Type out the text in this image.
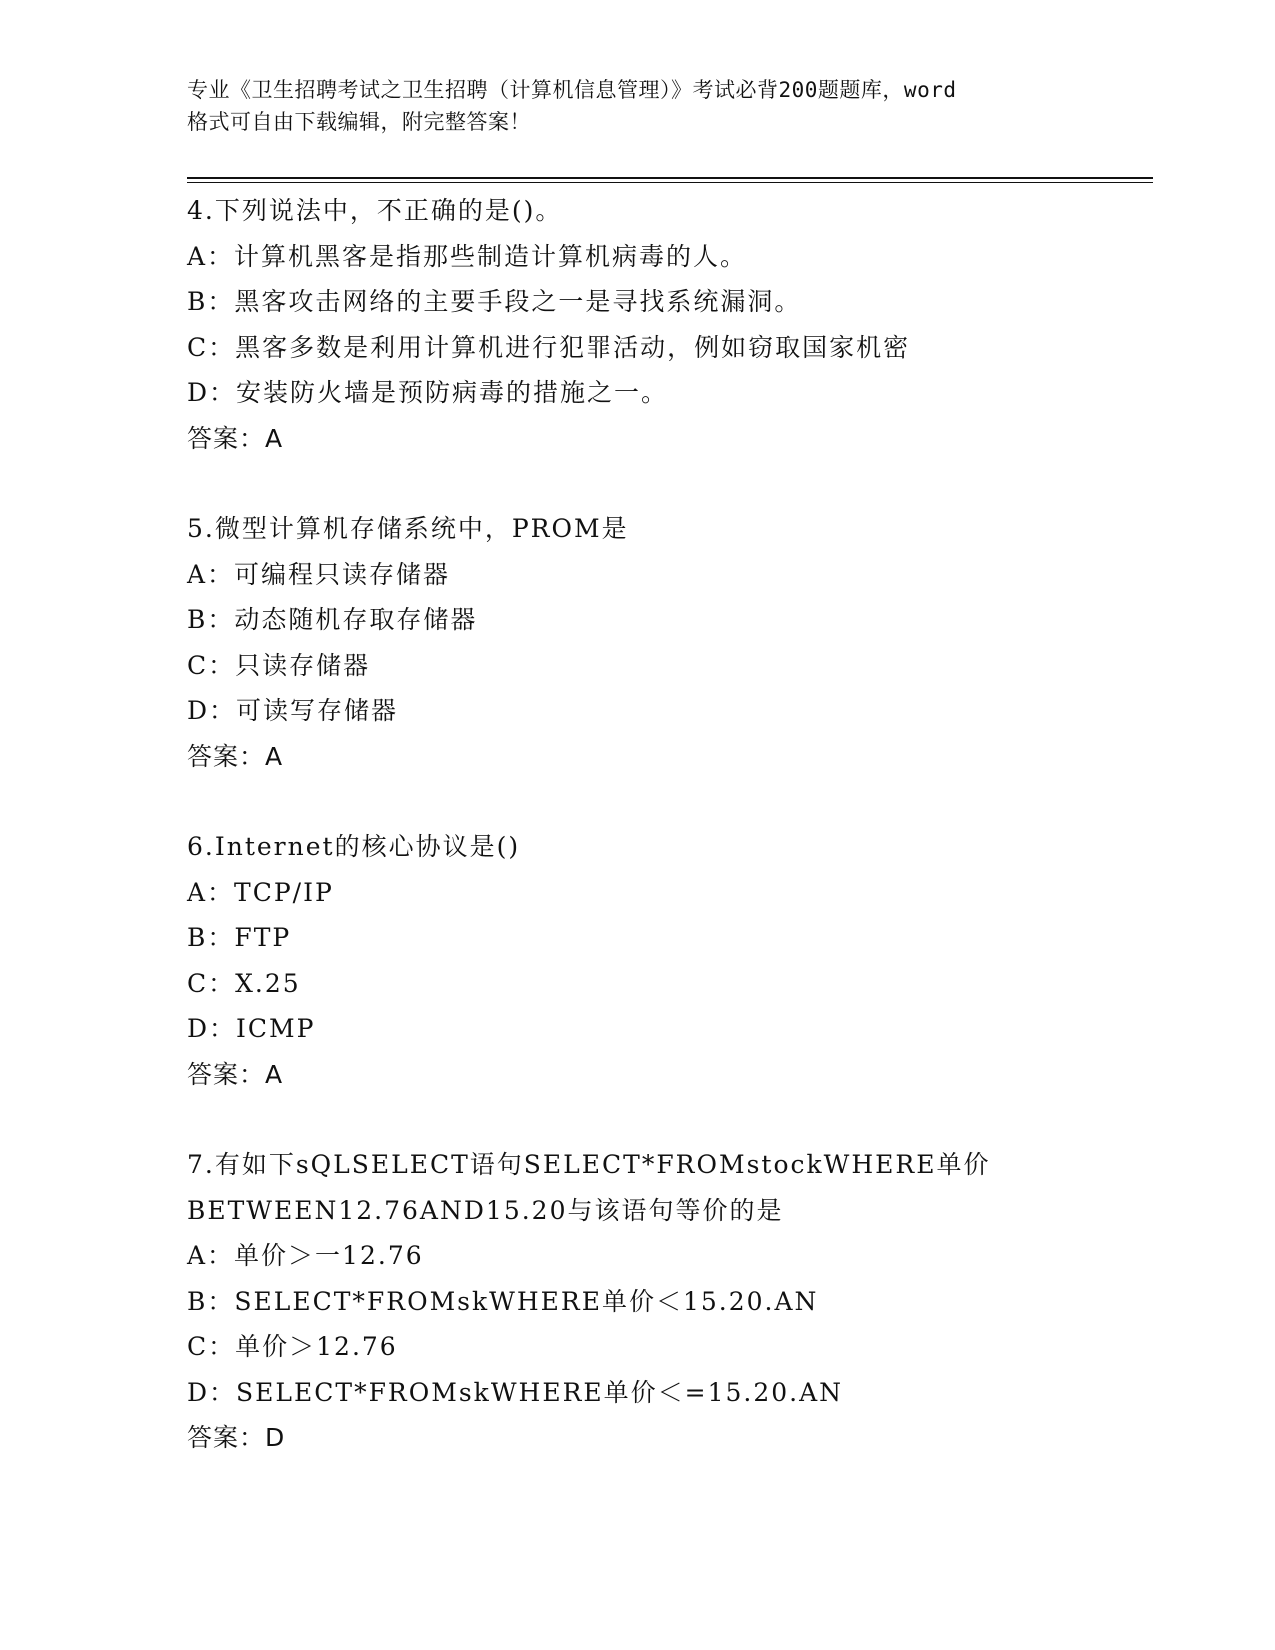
专业《卫生招聘考试之卫生招聘（计算机信息管理）》考试必背200题题库，word
格式可自由下载编辑，附完整答案！
4.下列说法中，不正确的是()。
A：计算机黑客是指那些制造计算机病毒的人。
B：黑客攻击网络的主要手段之一是寻找系统漏洞。
C：黑客多数是利用计算机进行犯罪活动，例如窃取国家机密
D：安装防火墙是预防病毒的措施之一。
答案：A
5.微型计算机存储系统中，PROM是
A：可编程只读存储器
B：动态随机存取存储器
C：只读存储器
D：可读写存储器
答案：A
6.Internet的核心协议是()
A：TCP/IP
B：FTP
C：X.25
D：ICMP
答案：A
7.有如下sQLSELECT语句SELECT*FROMstockWHERE单价
BETWEEN12.76AND15.20与该语句等价的是
A：单价＞一12.76
B：SELECT*FROMskWHERE单价＜15.20.AN
C：单价＞12.76
D：SELECT*FROMskWHERE单价＜=15.20.AN
答案：D
